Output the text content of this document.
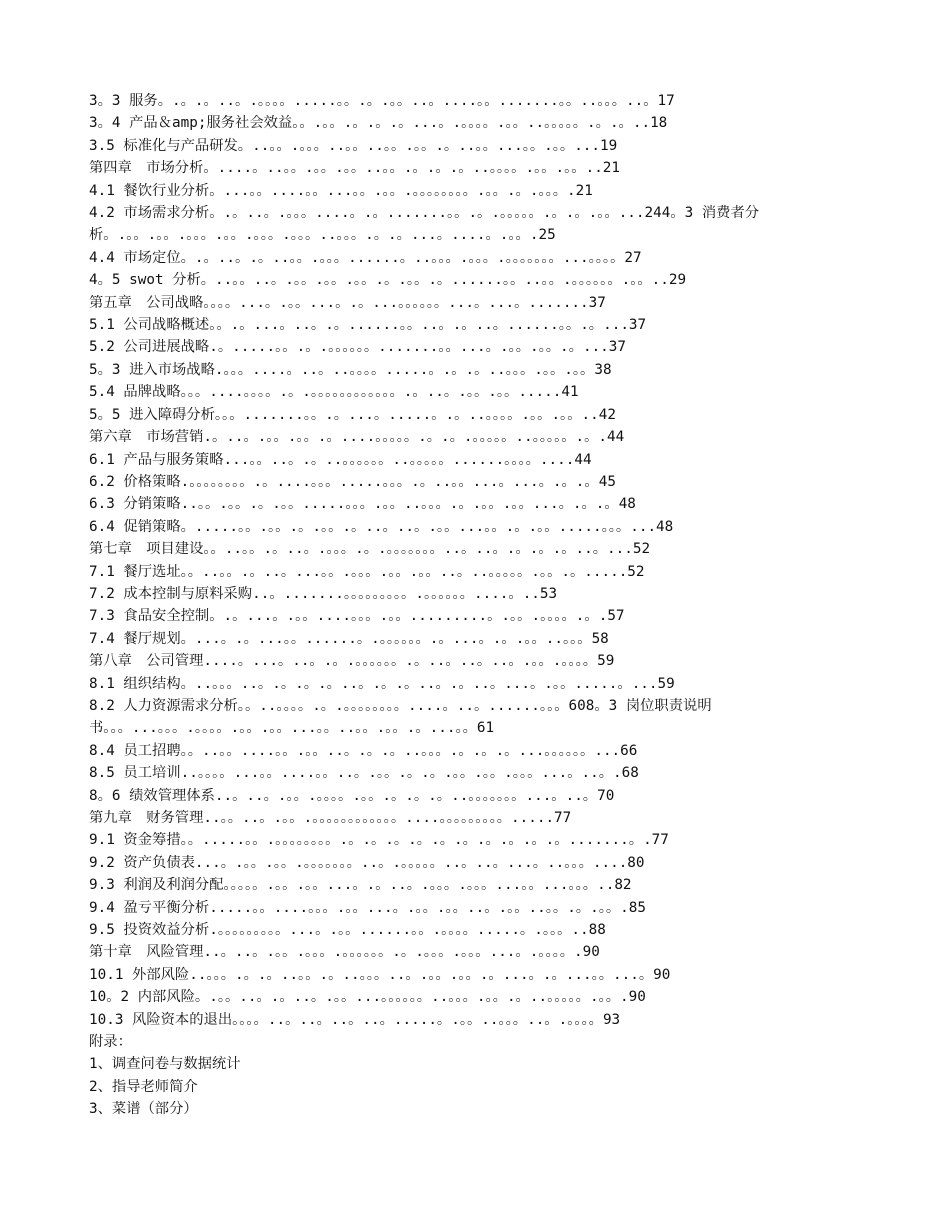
3。3 服务。.。.。..。.。。。。.....。。.。.。。..。....。。.......。。..。。。..。17
3。4 产品＆amp;服务社会效益。。.。。.。.。.。...。.。。。。.。。..。。。。。.。.。..18
3.5 标准化与产品研发。..。。.。。。..。。..。。.。。.。..。。...。。.。。...19
第四章　市场分析。....。..。。.。。.。。..。。.。.。.。..。。。。.。。.。。..21
4.1 餐饮行业分析。...。。....。。...。。.。。.。。。。。。。。.。。.。.。。。.21
4.2 市场需求分析。.。..。.。。。....。.。.......。。.。.。。。。。.。.。.。。...244。3 消费者分析。.。。.。。.。。。.。。.。。。.。。。..。。。.。.。...。....。.。。.25
4.4 市场定位。.。..。.。..。。.。。。......。..。。。.。。。.。。。。。。。...。。。。27
4。5 swot 分析。..。。..。.。。.。。.。。.。.。。.。......。。..。。.。。。。。。.。。..29
第五章　公司战略。。。。...。.。。...。.。...。。。。。。...。...。.......37
5.1 公司战略概述。。.。...。..。.。......。。..。.。..。......。。.。...37
5.2 公司进展战略.。.....。。.。.。。。。。。.......。。...。.。。.。。.。...37
5。3 进入市场战略.。。。....。..。..。。。。.....。.。.。..。。。.。。.。。38
5.4 品牌战略。。。....。。。。.。.。。。。。。。。。。。。.。..。.。。.。。.....41
5。5 进入障碍分析。。。.......。。.。...。.....。.。..。。。。.。。.。。..42
第六章　市场营销.。..。.。。.。。.。....。。。。。.。.。.。。。。。..。。。。。.。.44
6.1 产品与服务策略...。。..。.。..。。。。。。..。。。。。......。。。。....44
6.2 价格策略.。。。。。。。。.。....。。。.....。。。.。..。。...。...。.。.。45
6.3 分销策略..。。.。。.。.。。.....。。。.。。..。。。.。.。。.。。...。.。.。48
6.4 促销策略。.....。。.。。.。.。。.。..。..。.。。...。。.。.。。.....。。。...48
第七章　项目建设。。..。。.。..。.。。。.。.。。。。。。。..。..。.。.。.。..。...52
7.1 餐厅选址。。..。。.。..。...。。.。。。.。。.。。..。..。。。。。.。。.。.....52
7.2 成本控制与原料采购..。.......。。。。。。。。。.。。。。。。....。..53
7.3 食品安全控制。.。...。.。。....。。。.。。.........。.。。.。。。。.。.57
7.4 餐厅规划。...。.。...。。......。.。。。。。。.。...。.。.。。..。。。58
第八章　公司管理....。...。..。.。.。。。。。。.。..。..。..。.。。.。。。。59
8.1 组织结构。..。。。..。.。.。.。..。.。.。..。.。..。...。.。。.....。...59
8.2 人力资源需求分析。。..。。。。.。.。。。。。。。。....。..。......。。。608。3 岗位职责说明书。。。...。。。.。。。。.。。.。。...。。..。。.。。.。...。。61
8.4 员工招聘。。..。。....。。.。。..。.。.。..。。。.。.。.。...。。。。。。...66
8.5 员工培训..。。。。...。。....。。..。.。。.。.。.。。.。。.。。。...。..。.68
8。6 绩效管理体系..。..。.。。.。。。。.。。.。.。.。..。。。。。。。...。..。70
第九章　财务管理..。。..。.。。.。。。。。。。。。。。。....。。。。。。。。。.....77
9.1 资金筹措。。.....。。.。。。。。。。。.。.。.。.。.。.。.。.。.。.。.......。.77
9.2 资产负债表...。.。。.。。.。。。。。。。..。.。。。。。..。..。...。..。。。....80
9.3 利润及利润分配。。。。。.。。.。。...。.。..。.。。。.。。。...。。...。。。..82
9.4 盈亏平衡分析.....。。....。。。.。。...。.。。.。。..。.。。..。。.。.。。.85
9.5 投资效益分析.。。。。。。。。。...。.。。......。。.。。。。.....。.。。。..88
第十章　风险管理..。..。.。。.。。。.。。。。。。.。.。。。.。。。...。.。。。。.90
10.1 外部风险..。。。.。.。..。。.。..。。。..。.。。.。。.。...。.。...。。...。90
10。2 内部风险。.。。..。.。..。.。。...。。。。。。..。。。.。。.。..。。。。。.。。.90
10.3 风险资本的退出。。。。..。..。..。..。.....。.。。..。。。..。.。。。。93
附录：
1、调查问卷与数据统计
2、指导老师简介
3、菜谱（部分）
